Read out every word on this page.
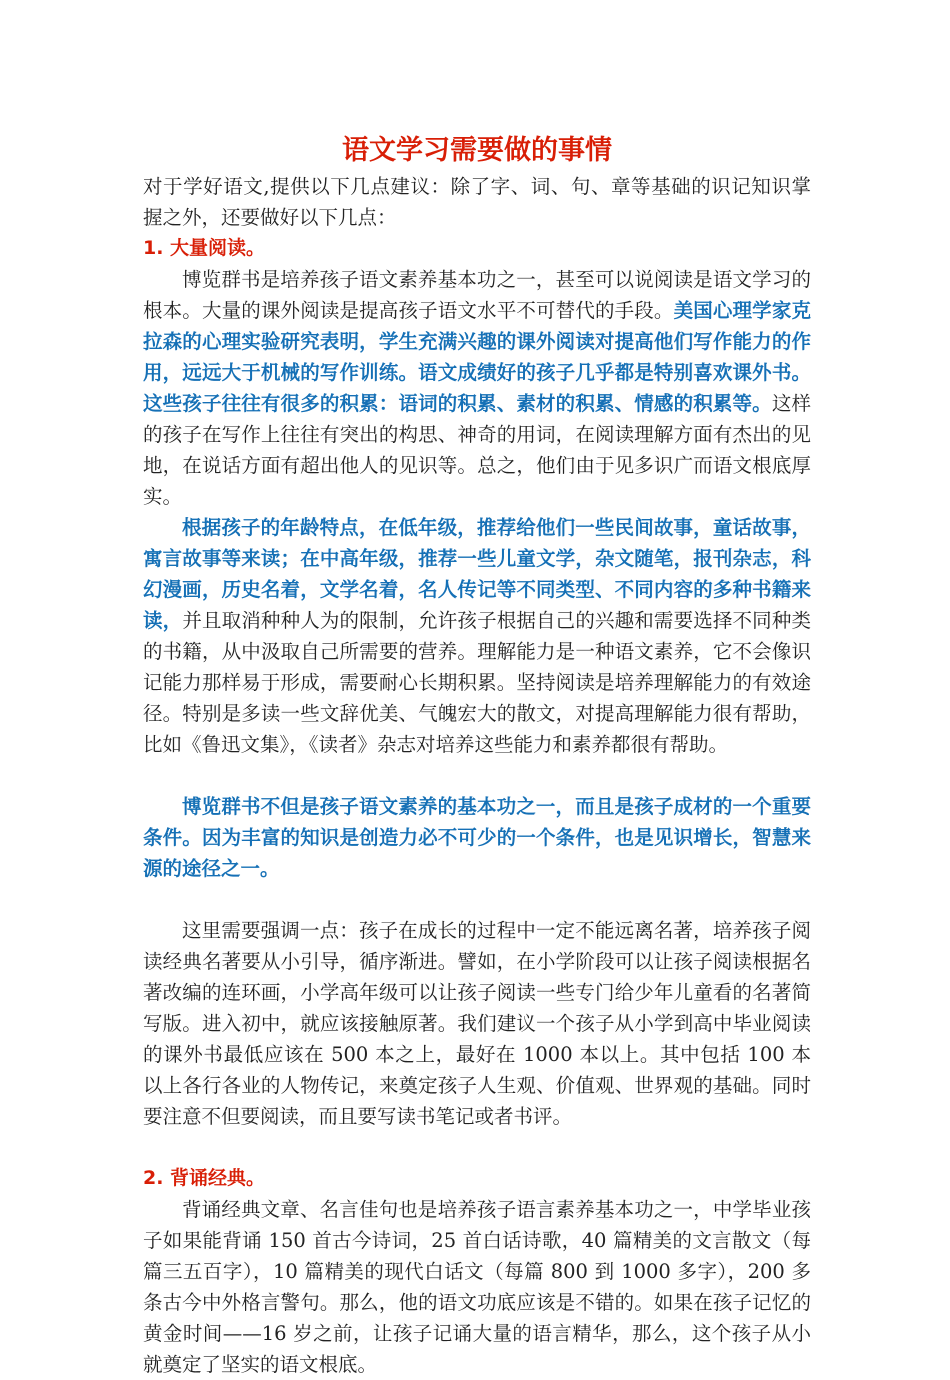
语文学习需要做的事情

对于学好语文,提供以下几点建议：除了字、词、句、章等基础的识记知识掌握之外，还要做好以下几点：

1. 大量阅读。

博览群书是培养孩子语文素养基本功之一，甚至可以说阅读是语文学习的根本。大量的课外阅读是提高孩子语文水平不可替代的手段。美国心理学家克拉森的心理实验研究表明，学生充满兴趣的课外阅读对提高他们写作能力的作用，远远大于机械的写作训练。语文成绩好的孩子几乎都是特别喜欢课外书。这些孩子往往有很多的积累：语词的积累、素材的积累、情感的积累等。这样的孩子在写作上往往有突出的构思、神奇的用词，在阅读理解方面有杰出的见地，在说话方面有超出他人的见识等。总之，他们由于见多识广而语文根底厚实。

根据孩子的年龄特点，在低年级，推荐给他们一些民间故事，童话故事，寓言故事等来读；在中高年级，推荐一些儿童文学，杂文随笔，报刊杂志，科幻漫画，历史名着，文学名着，名人传记等不同类型、不同内容的多种书籍来读，并且取消种种人为的限制，允许孩子根据自己的兴趣和需要选择不同种类的书籍，从中汲取自己所需要的营养。理解能力是一种语文素养，它不会像识记能力那样易于形成，需要耐心长期积累。坚持阅读是培养理解能力的有效途径。特别是多读一些文辞优美、气魄宏大的散文，对提高理解能力很有帮助，比如《鲁迅文集》，《读者》杂志对培养这些能力和素养都很有帮助。

博览群书不但是孩子语文素养的基本功之一，而且是孩子成材的一个重要条件。因为丰富的知识是创造力必不可少的一个条件，也是见识增长，智慧来源的途径之一。

这里需要强调一点：孩子在成长的过程中一定不能远离名著，培养孩子阅读经典名著要从小引导，循序渐进。譬如，在小学阶段可以让孩子阅读根据名著改编的连环画，小学高年级可以让孩子阅读一些专门给少年儿童看的名著简写版。进入初中，就应该接触原著。我们建议一个孩子从小学到高中毕业阅读的课外书最低应该在 500 本之上，最好在 1000 本以上。其中包括 100 本以上各行各业的人物传记，来奠定孩子人生观、价值观、世界观的基础。同时要注意不但要阅读，而且要写读书笔记或者书评。

2. 背诵经典。

背诵经典文章、名言佳句也是培养孩子语言素养基本功之一，中学毕业孩子如果能背诵 150 首古今诗词，25 首白话诗歌，40 篇精美的文言散文（每篇三五百字），10 篇精美的现代白话文（每篇 800 到 1000 多字），200 多条古今中外格言警句。那么，他的语文功底应该是不错的。如果在孩子记忆的黄金时间——16 岁之前，让孩子记诵大量的语言精华，那么，这个孩子从小就奠定了坚实的语文根底。
